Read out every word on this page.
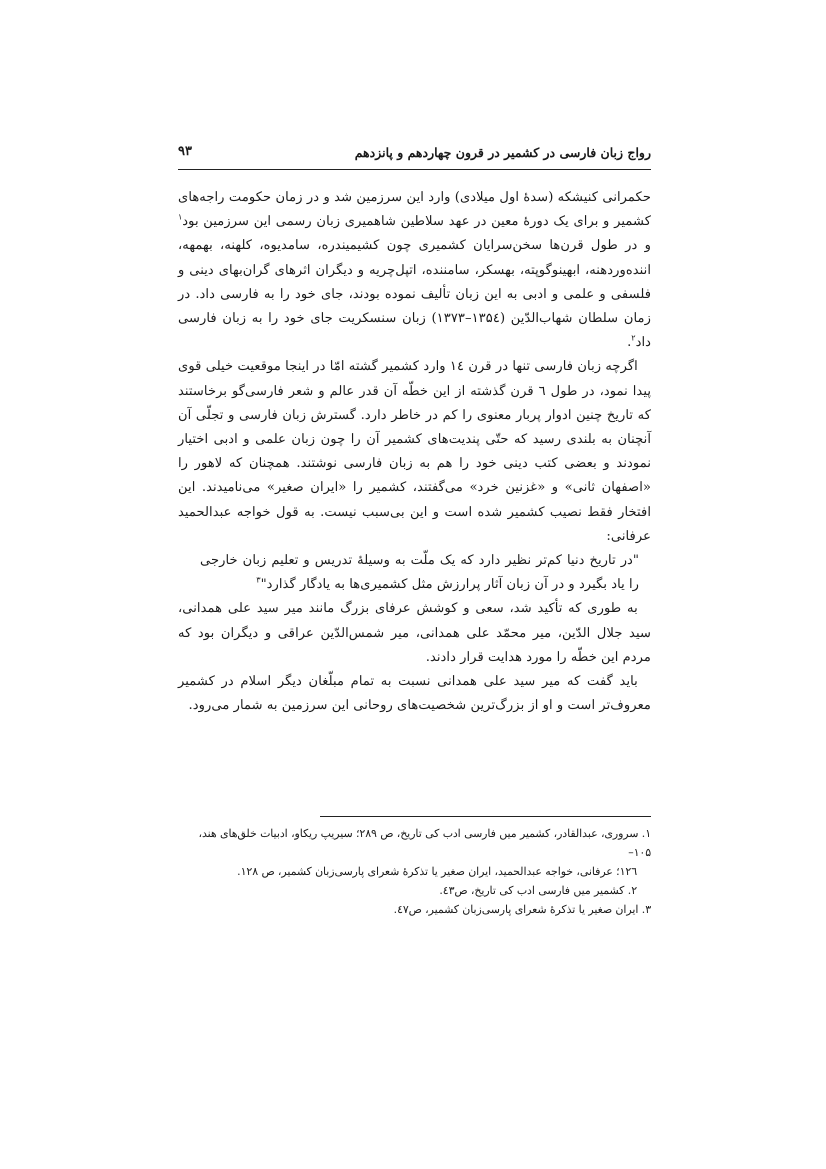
رواج زبان فارسی در کشمیر در قرون چهاردهم و پانزدهم
۹۳

حکمرانی کنیشکه (سدهٔ اول میلادی) وارد این سرزمین شد و در زمان حکومت راجه‌های کشمیر و برای یک دورهٔ معین در عهد سلاطین شاهمیری زبان رسمی این سرزمین بود$^۱$ و در طول قرن‌ها سخن‌سرایان کشمیری چون کشیمیندره، سامدیوه، کلهنه، بهمهه، اننده‌وردهنه، ابهینوگوپته، بهسکر، سامننده، اتپل‌چریه و دیگران اثرهای گران‌بهای دینی و فلسفی و علمی و ادبی به این زبان تألیف نموده بودند، جای خود را به فارسی داد. در زمان سلطان شهاب‌الدّین (۱۳۵٤–۱۳۷۳) زبان سنسکریت جای خود را به زبان فارسی داد$^۲$.

 اگرچه زبان فارسی تنها در قرن ۱٤ وارد کشمیر گشته امّا در اینجا موقعیت خیلی قوی پیدا نمود، در طول ٦ قرن گذشته از این خطّه آن قدر عالم و شعر فارسی‌گو برخاستند که تاریخ چنین ادوار پربار معنوی را کم در خاطر دارد. گسترش زبان فارسی و تجلّی آن آنچنان به بلندی رسید که حتّی پندیت‌های کشمیر آن را چون زبان علمی و ادبی اختیار نمودند و بعضی کتب دینی خود را هم به زبان فارسی نوشتند. همچنان که لاهور را «اصفهان ثانی» و «غزنین خرد» می‌گفتند، کشمیر را «ایران صغیر» می‌نامیدند. این افتخار فقط نصیب کشمیر شده است و این بی‌سبب نیست. به قول خواجه عبدالحمید عرفانی:

"در تاریخ دنیا کم‌تر نظیر دارد که یک ملّت به وسیلهٔ تدریس و تعلیم زبان خارجی را یاد بگیرد و در آن زبان آثار پرارزش مثل کشمیری‌ها به یادگار گذارد"$^۳$

 به طوری که تأکید شد، سعی و کوشش عرفای بزرگ مانند میر سید علی همدانی، سید جلال الدّین، میر محمّد علی همدانی، میر شمس‌الدّین عراقی و دیگران بود که مردم این خطّه را مورد هدایت قرار دادند.

 باید گفت که میر سید علی همدانی نسبت به تمام مبلّغان دیگر اسلام در کشمیر معروف‌تر است و او از بزرگ‌ترین شخصیت‌های روحانی این سرزمین به شمار می‌رود.

۱. سروری، عبدالقادر، کشمیر میں فارسی ادب کی تاریخ، ص ۲۸۹؛ سیریپ ریکاو، ادبیات خلق‌های هند، ۱۰۵–

۱۲٦؛ عرفانی، خواجه عبدالحمید، ایران صغیر یا تذکرهٔ شعرای پارسی‌زبان کشمیر، ص ۱۲۸.

۲. کشمیر میں فارسی ادب کی تاریخ، ص٤۳.

۳. ایران صغیر یا تذکرهٔ شعرای پارسی‌زبان کشمیر، ص٤۷.
